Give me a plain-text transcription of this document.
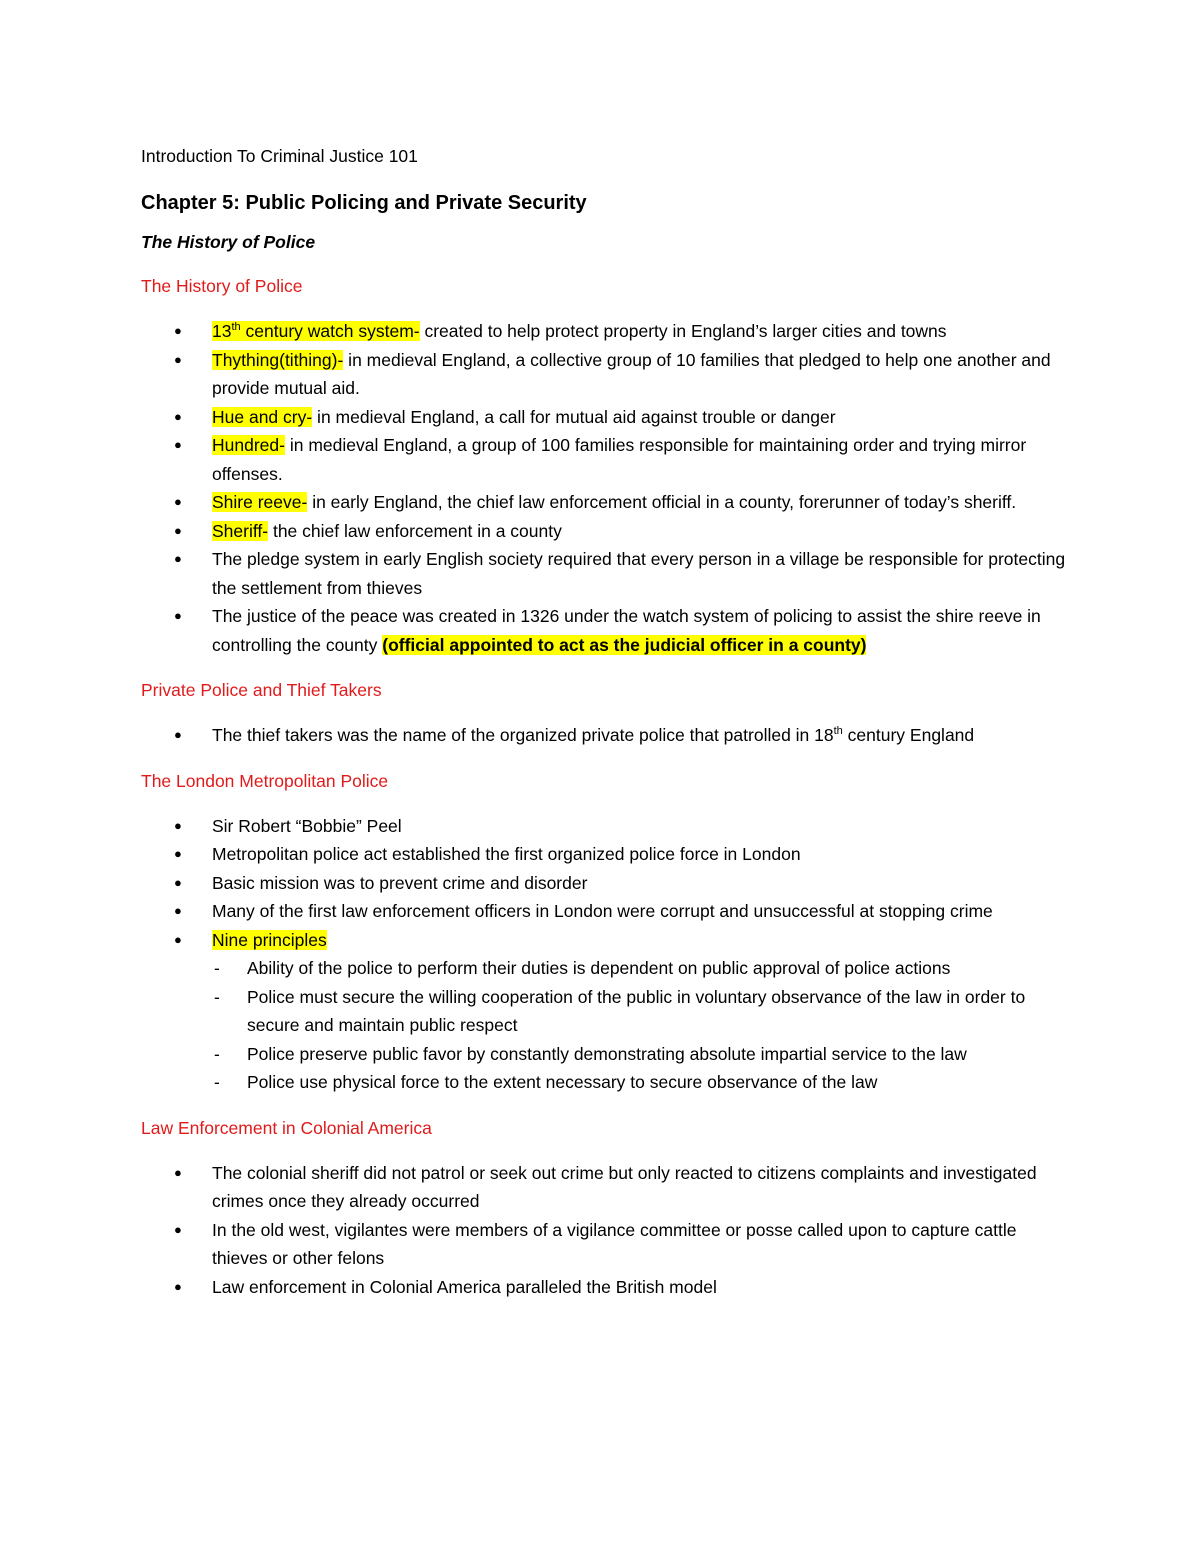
Introduction To Criminal Justice 101

Chapter 5: Public Policing and Private Security

The History of Police

The History of Police

● 13th century watch system- created to help protect property in England’s larger cities and towns
● Thything(tithing)- in medieval England, a collective group of 10 families that pledged to help one another and provide mutual aid.
● Hue and cry- in medieval England, a call for mutual aid against trouble or danger
● Hundred- in medieval England, a group of 100 families responsible for maintaining order and trying mirror offenses.
● Shire reeve- in early England, the chief law enforcement official in a county, forerunner of today’s sheriff.
● Sheriff- the chief law enforcement in a county
● The pledge system in early English society required that every person in a village be responsible for protecting the settlement from thieves
● The justice of the peace was created in 1326 under the watch system of policing to assist the shire reeve in controlling the county (official appointed to act as the judicial officer in a county)

Private Police and Thief Takers

● The thief takers was the name of the organized private police that patrolled in 18th century England

The London Metropolitan Police

● Sir Robert “Bobbie” Peel
● Metropolitan police act established the first organized police force in London
● Basic mission was to prevent crime and disorder
● Many of the first law enforcement officers in London were corrupt and unsuccessful at stopping crime
● Nine principles
- Ability of the police to perform their duties is dependent on public approval of police actions
- Police must secure the willing cooperation of the public in voluntary observance of the law in order to secure and maintain public respect
- Police preserve public favor by constantly demonstrating absolute impartial service to the law
- Police use physical force to the extent necessary to secure observance of the law

Law Enforcement in Colonial America

● The colonial sheriff did not patrol or seek out crime but only reacted to citizens complaints and investigated crimes once they already occurred
● In the old west, vigilantes were members of a vigilance committee or posse called upon to capture cattle thieves or other felons
● Law enforcement in Colonial America paralleled the British model
